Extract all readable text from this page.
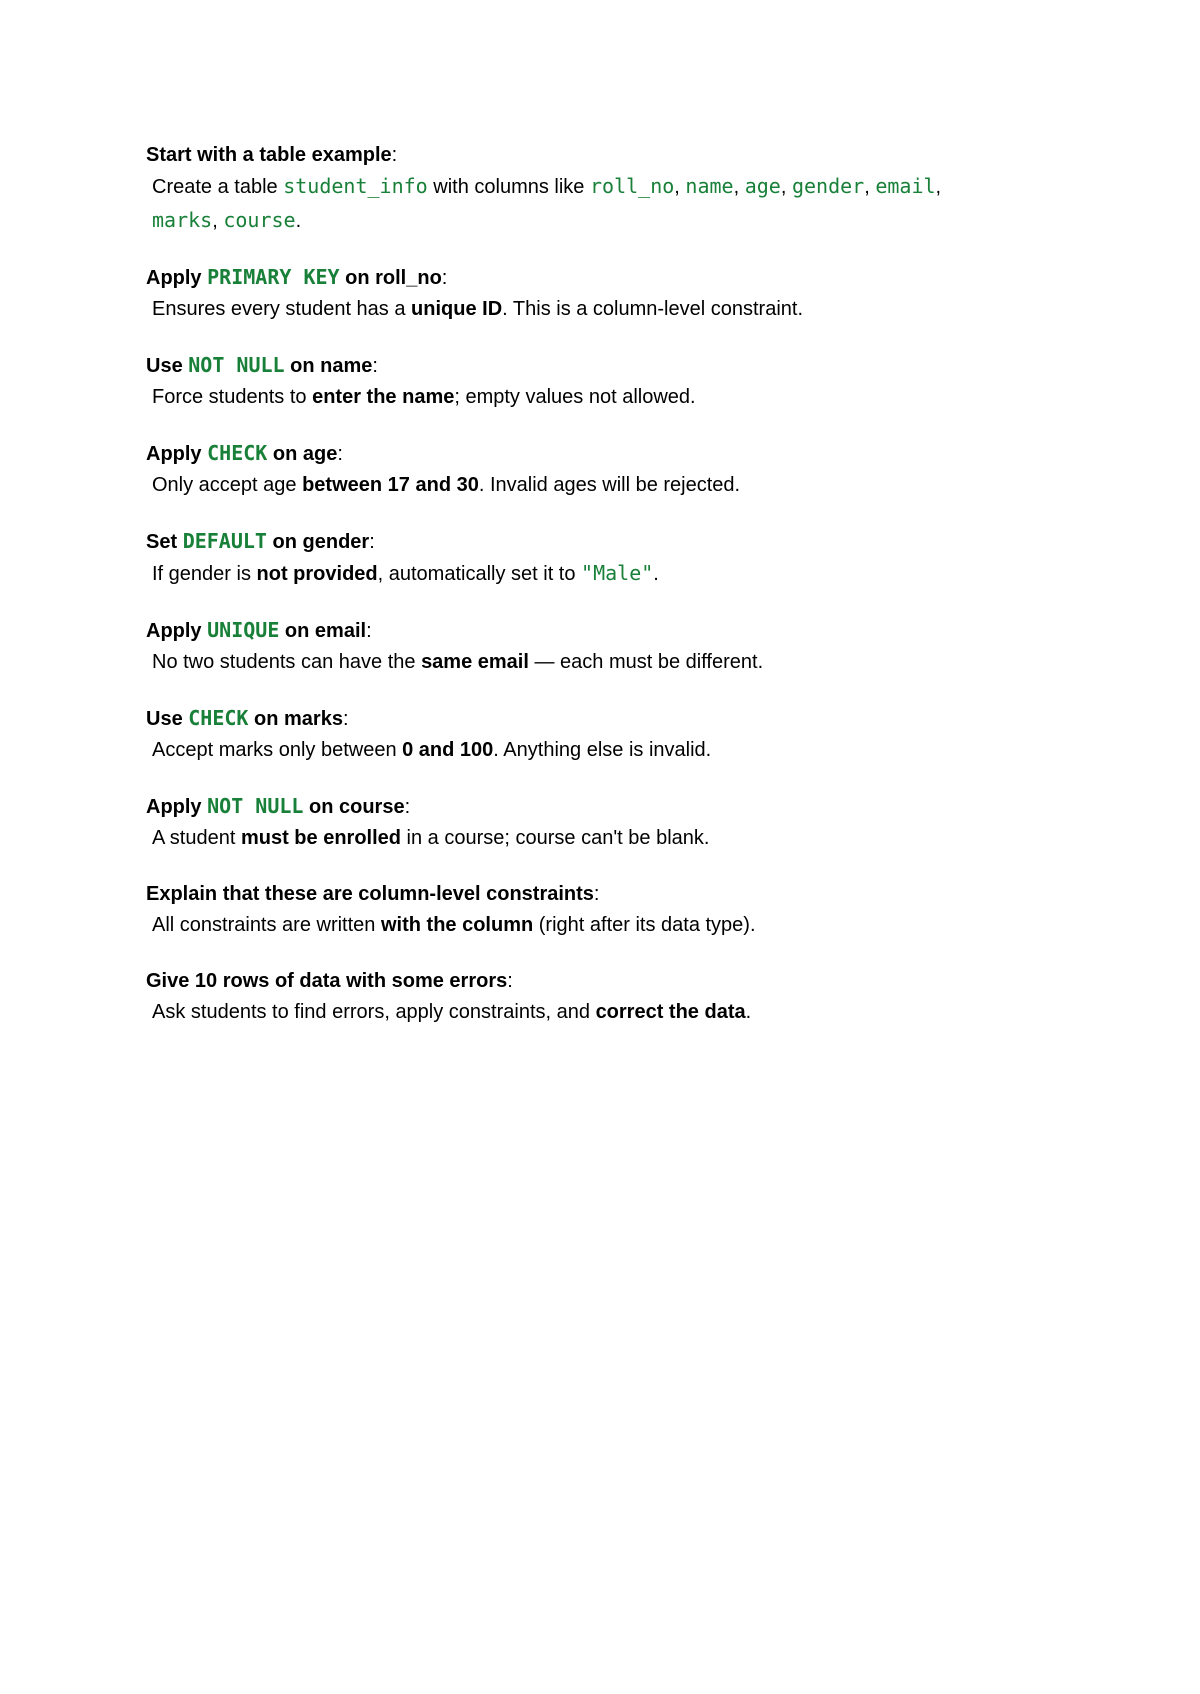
Start with a table example:

Create a table student_info with columns like roll_no, name, age, gender, email,
marks, course.

Apply PRIMARY KEY on roll_no:

Ensures every student has a unique ID. This is a column-level constraint.

Use NOT NULL on name:

Force students to enter the name; empty values not allowed.

Apply CHECK on age:

Only accept age between 17 and 30. Invalid ages will be rejected.

Set DEFAULT on gender:

If gender is not provided, automatically set it to "Male".

Apply UNIQUE on email:

No two students can have the same email — each must be different.

Use CHECK on marks:

Accept marks only between 0 and 100. Anything else is invalid.

Apply NOT NULL on course:

A student must be enrolled in a course; course can't be blank.

Explain that these are column-level constraints:

All constraints are written with the column (right after its data type).

Give 10 rows of data with some errors:

Ask students to find errors, apply constraints, and correct the data.
